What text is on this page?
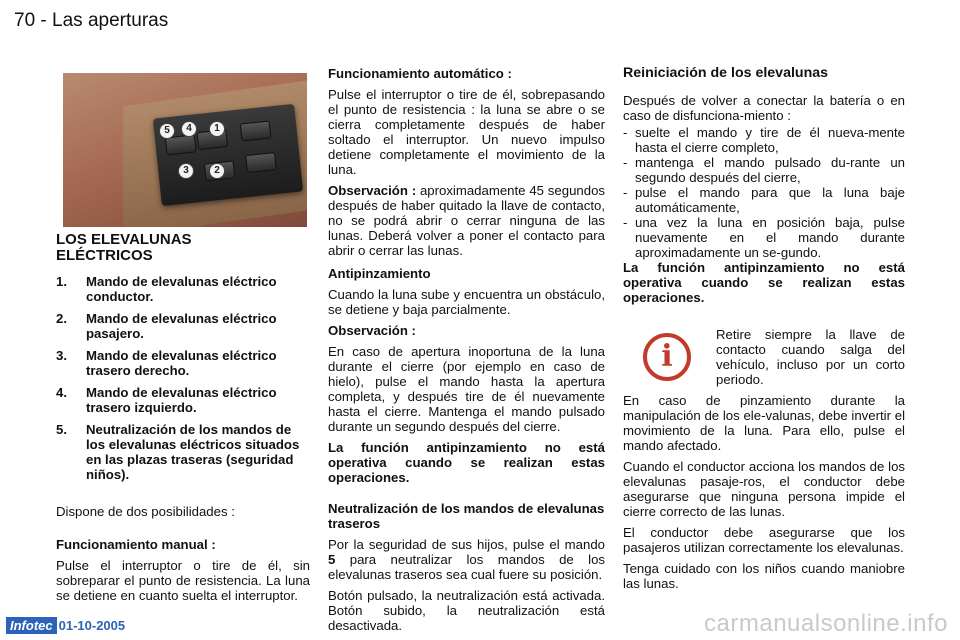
70 - Las aperturas
5	4	1
3	2
LOS ELEVALUNAS ELÉCTRICOS
1. Mando de elevalunas eléctrico conductor.
2. Mando de elevalunas eléctrico pasajero.
3. Mando de elevalunas eléctrico trasero derecho.
4. Mando de elevalunas eléctrico trasero izquierdo.
5. Neutralización de los mandos de los elevalunas eléctricos situados en las plazas traseras (seguridad niños).

Dispone de dos posibilidades :

Funcionamiento manual :

Pulse el interruptor o tire de él, sin sobreparar el punto de resistencia. La luna se detiene en cuanto suelta el interruptor.

Funcionamiento automático :

Pulse el interruptor o tire de él, sobrepasando el punto de resistencia : la luna se abre o se cierra completamente después de haber soltado el interruptor. Un nuevo impulso detiene completamente el movimiento de la luna.

Observación : aproximadamente 45 segundos después de haber quitado la llave de contacto, no se podrá abrir o cerrar ninguna de las lunas. Deberá volver a poner el contacto para abrir o cerrar las lunas.

Antipinzamiento

Cuando la luna sube y encuentra un obstáculo, se detiene y baja parcialmente.

Observación :

En caso de apertura inoportuna de la luna durante el cierre (por ejemplo en caso de hielo), pulse el mando hasta la apertura completa, y después tire de él nuevamente hasta el cierre. Mantenga el mando pulsado durante un segundo después del cierre.

La función antipinzamiento no está operativa cuando se realizan estas operaciones.

Neutralización de los mandos de elevalunas traseros

Por la seguridad de sus hijos, pulse el mando 5 para neutralizar los mandos de los elevalunas traseros sea cual fuere su posición.

Botón pulsado, la neutralización está activada. Botón subido, la neutralización está desactivada.

Reiniciación de los elevalunas

Después de volver a conectar la batería o en caso de disfunciona-miento :

- suelte el mando y tire de él nueva-mente hasta el cierre completo,
- mantenga el mando pulsado du-rante un segundo después del cierre,
- pulse el mando para que la luna baje automáticamente,
- una vez la luna en posición baja, pulse nuevamente en el mando durante aproximadamente un se-gundo.

La función antipinzamiento no está operativa cuando se realizan estas operaciones.

i

Retire siempre la llave de contacto cuando salga del vehículo, incluso por un corto periodo.

En caso de pinzamiento durante la manipulación de los ele-valunas, debe invertir el movimiento de la luna. Para ello, pulse el mando afectado.

Cuando el conductor acciona los mandos de los elevalunas pasaje-ros, el conductor debe asegurarse que ninguna persona impide el cierre correcto de las lunas.

El conductor debe asegurarse que los pasajeros utilizan correctamente los elevalunas.

Tenga cuidado con los niños cuando maniobre las lunas.

Infotec 01-10-2005	carmanualsonline.info
